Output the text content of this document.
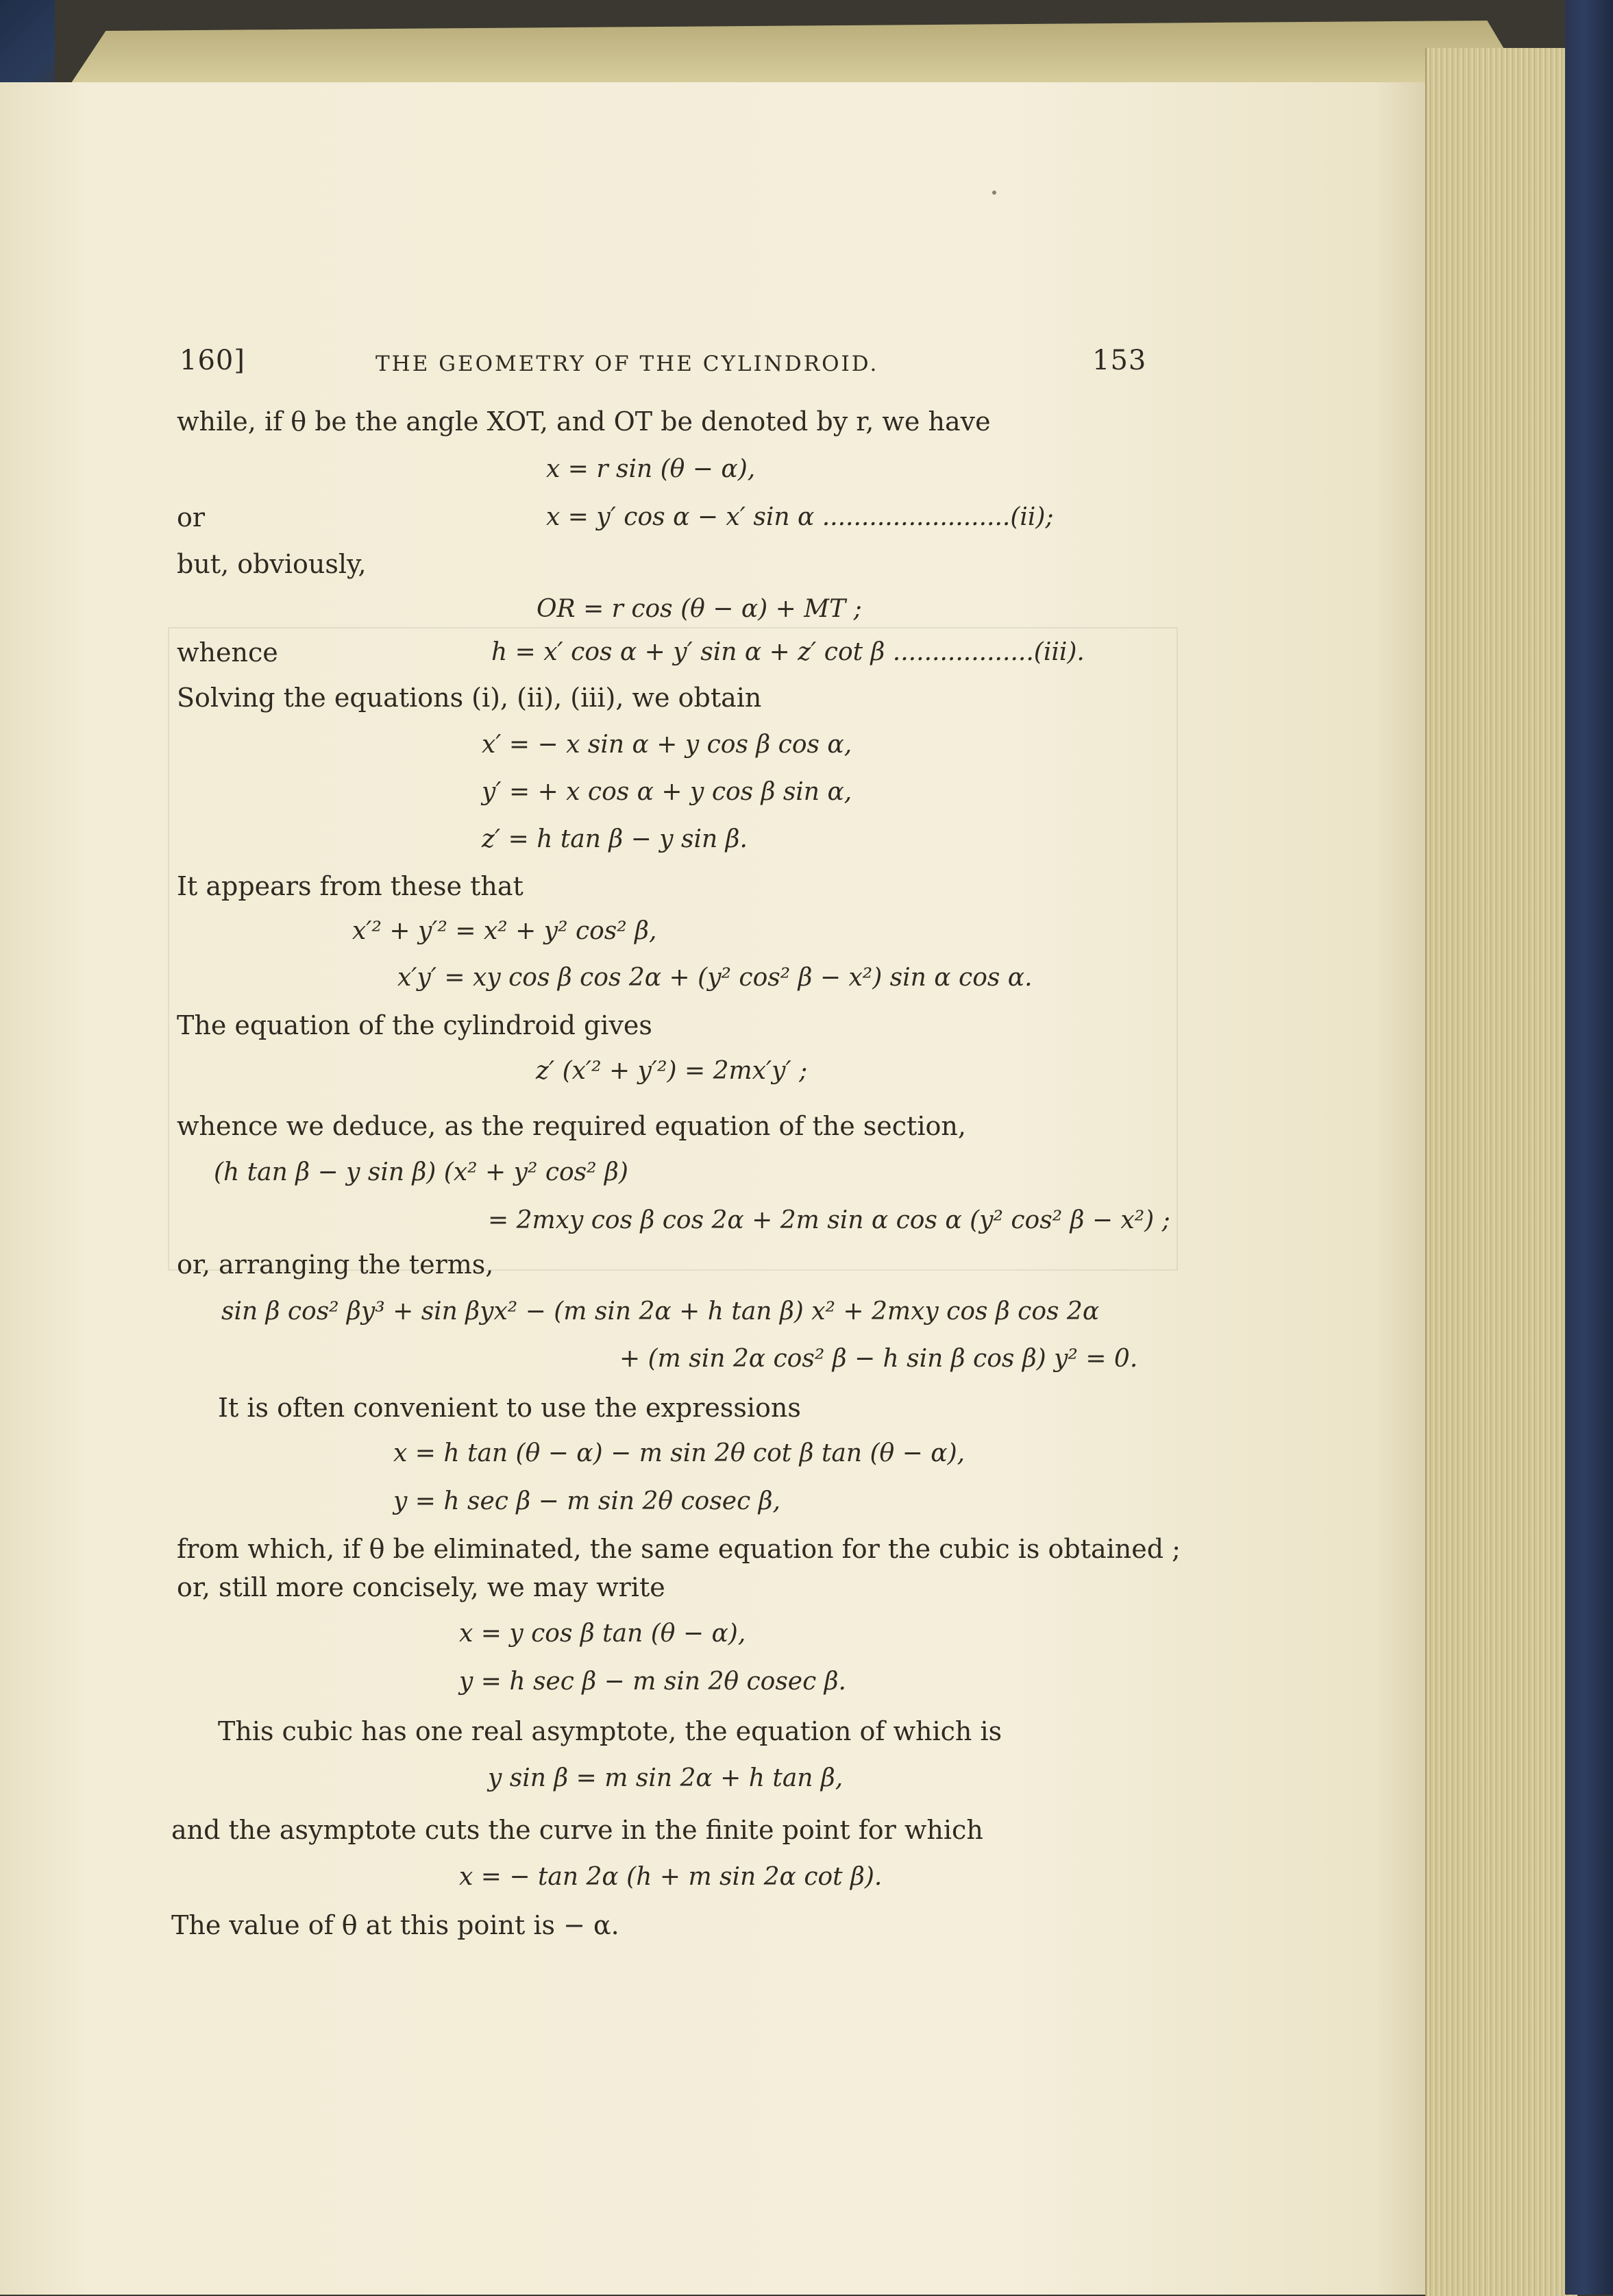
160]	THE GEOMETRY OF THE CYLINDROID.	153
while, if θ be the angle XOT, and OT be denoted by r, we have
x = r sin (θ − α),
or	x = y′ cos α − x′ sin α ........................(ii);
but, obviously,
OR = r cos (θ − α) + MT ;
whence	h = x′ cos α + y′ sin α + z′ cot β ..................(iii).
Solving the equations (i), (ii), (iii), we obtain
x′ = − x sin α + y cos β cos α,
y′ = + x cos α + y cos β sin α,
z′ = h tan β − y sin β.
It appears from these that
x′² + y′² = x² + y² cos² β,
x′y′ = xy cos β cos 2α + (y² cos² β − x²) sin α cos α.
The equation of the cylindroid gives
z′ (x′² + y′²) = 2mx′y′ ;
whence we deduce, as the required equation of the section,
(h tan β − y sin β) (x² + y² cos² β)
= 2mxy cos β cos 2α + 2m sin α cos α (y² cos² β − x²) ;
or, arranging the terms,
sin β cos² βy³ + sin βyx² − (m sin 2α + h tan β) x² + 2mxy cos β cos 2α
+ (m sin 2α cos² β − h sin β cos β) y² = 0.
It is often convenient to use the expressions
x = h tan (θ − α) − m sin 2θ cot β tan (θ − α),
y = h sec β − m sin 2θ cosec β,
from which, if θ be eliminated, the same equation for the cubic is obtained ;
or, still more concisely, we may write
x = y cos β tan (θ − α),
y = h sec β − m sin 2θ cosec β.
This cubic has one real asymptote, the equation of which is
y sin β = m sin 2α + h tan β,
and the asymptote cuts the curve in the finite point for which
x = − tan 2α (h + m sin 2α cot β).
The value of θ at this point is − α.
